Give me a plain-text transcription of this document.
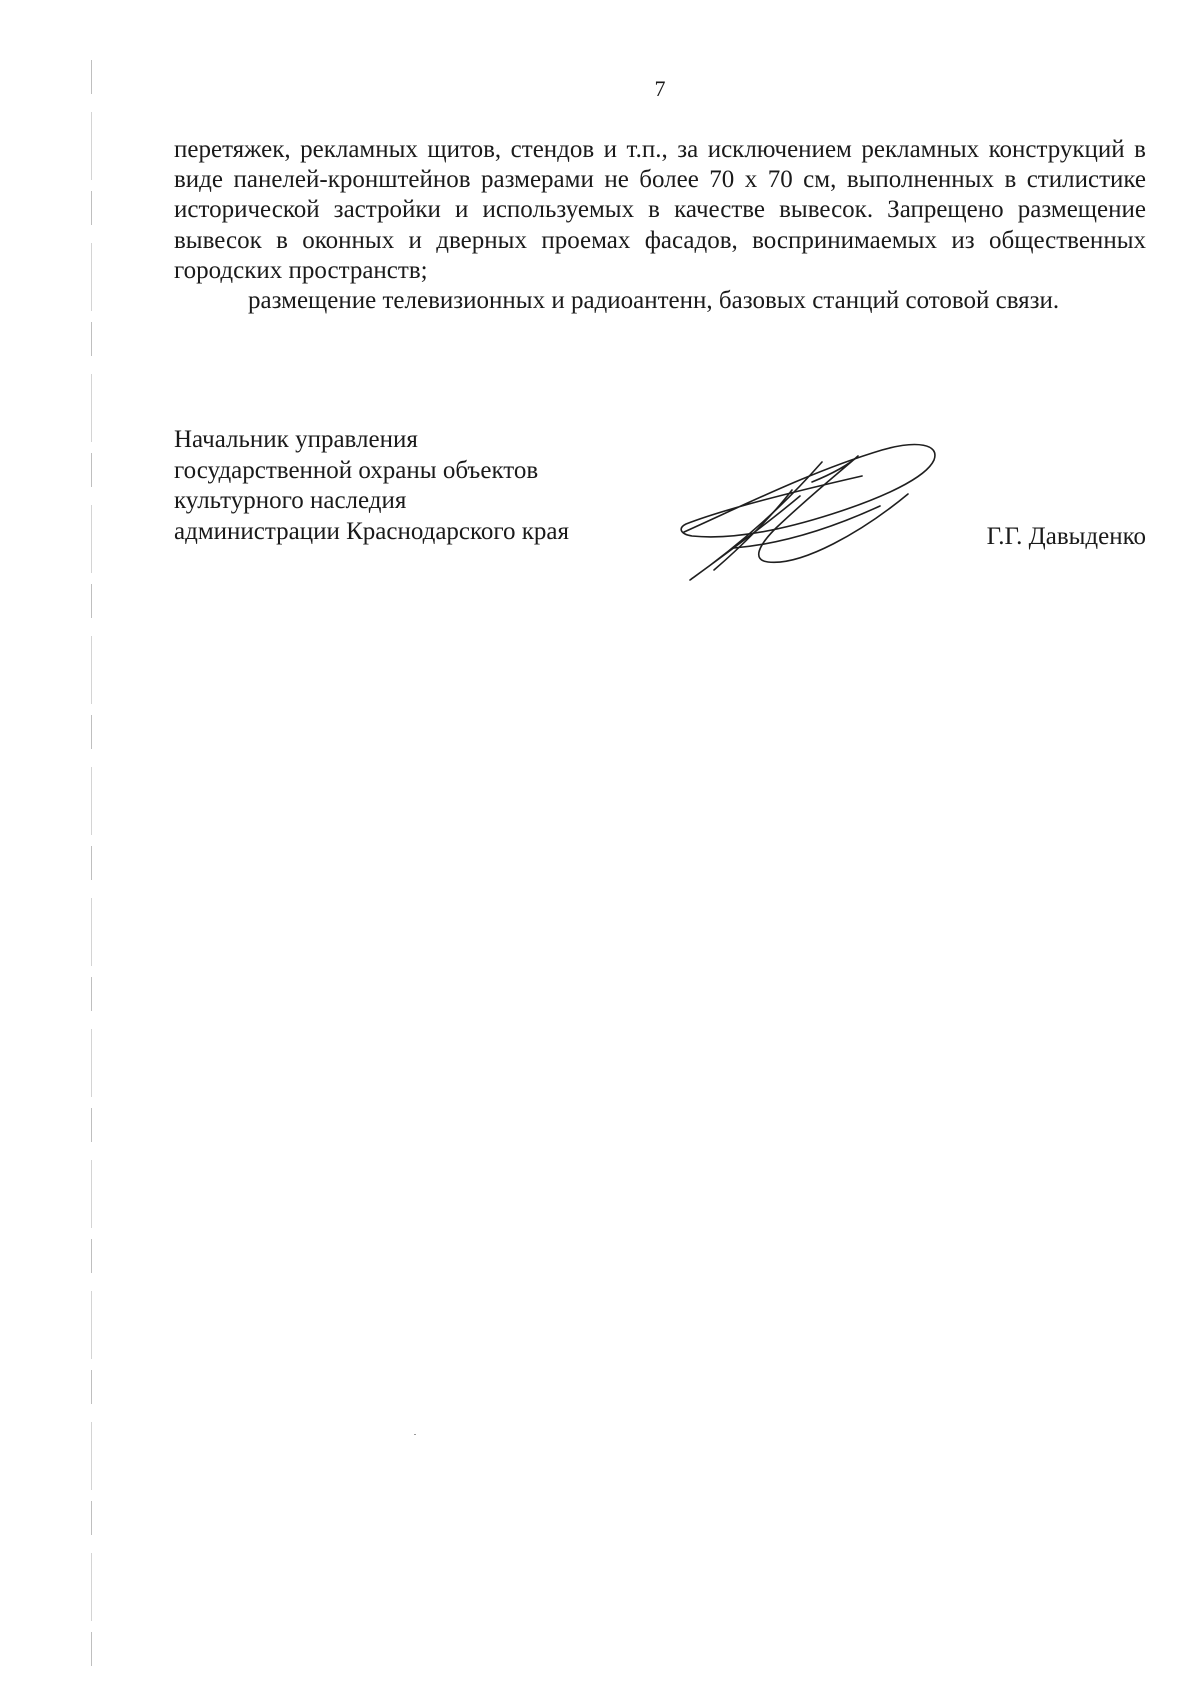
7

перетяжек, рекламных щитов, стендов и т.п., за исключением рекламных конструкций в виде панелей-кронштейнов размерами не более 70 х 70 см, выполненных в стилистике исторической застройки и используемых в качестве вывесок. Запрещено размещение вывесок в оконных и дверных проемах фасадов, воспринимаемых из общественных городских пространств;

размещение телевизионных и радиоантенн, базовых станций сотовой связи.

Начальник управления
государственной охраны объектов
культурного наследия
администрации Краснодарского края	Г.Г. Давыденко
